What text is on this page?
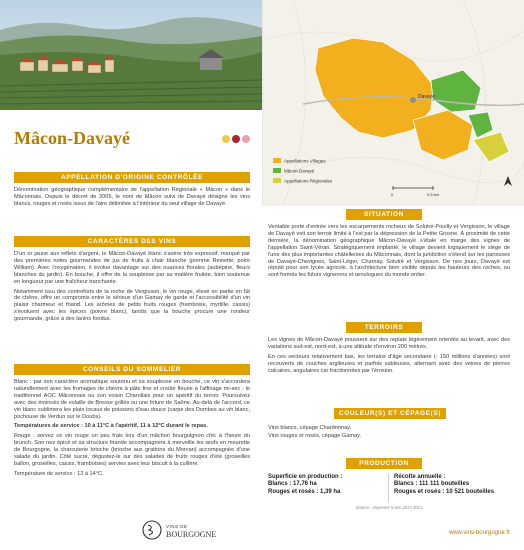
Davayé
Appellations Villages
Mâcon-Davayé
Appellations Régionales
0	0,5 km
Mâcon-Davayé
APPELLATION D'ORIGINE CONTRÔLÉE

Dénomination géographique complémentaire de l'appellation Régionale « Mâcon » dans le Mâconnais. Depuis le décret de 2005, le nom de Mâcon suivi de Davayé désigne les vins blancs, rouges et rosés issus de l'aire délimitée à l'intérieur du seul village de Davayé.

CARACTÈRES DES VINS

D'un or jaune aux reflets d'argent, le Mâcon-Davayé blanc s'avère très expressif, marqué par des premières notes gourmandes de jus de fruits à chair blanche (pomme Reinette, poire William). Avec l'oxygénation, il évolue davantage sur des nuances florales (aubépine, fleurs blanches du jardin). En bouche, il offre de la souplesse par sa matière fruitée, bien soutenue en longueur par une fraîcheur tranchante.

Notamment issu des contreforts de la roche de Vergisson, le vin rouge, élevé en partie en fût de chêne, offre un compromis entre le sérieux d'un Gamay de garde et l'accessibilité d'un vin plaisir charmeur et friand. Les arômes de petits fruits rouges (framboise, myrtille, cassis) s'évoluent avec les épices (poivre blanc), tandis que la bouche procure une rondeur gourmande, grâce à des tanins fondus.

CONSEILS DU SOMMELIER

Blanc : par son caractère aromatique soutenu et sa souplesse en bouche, ce vin s'accordera naturellement avec les fromages de chèvre à pâte fine et croûte fleurie à l'affinage mi-sec : le traditionnel AOC Mâconnais ou son voisin Charollais pour un apéritif du terroir. Poursuivez avec des émincés de volaille de Bresse grillés ou une friture de Saône. Au-delà de l'accord, ce vin blanc sublimera les plats locaux de poissons d'eau douce (carpe des Dombes au vin blanc, pochouse de Verdun sur le Doubs).

Températures de service : 10 à 11°C à l'apéritif, 11 à 12°C durant le repas.

Rouge : servez ce vin rouge un peu frais lors d'un mâchon bourguignon chic à l'heure du brunch. Son nez épicé et sa structure friande accompagnera à merveille les œufs en meurette de Bourgogne, la charcuterie brioche (brioche aux grattons du Morvan) accompagnée d'une salade du jardin. Côté sucré, dégustez-le sur des salades de fruits rouges d'été (groseilles ballon, groseilles, cassis, framboises) servies avec leur biscuit à la cuillère.

Température de service : 12 à 14°C.

SITUATION

Veritable porte d'entrée vers les escarpements rocheux de Solutré-Pouilly et Vergisson, le village de Davayé voit son terroir limité à l'est par la dépression de la Petite Grosne. À proximité de cette dernière, la dénomination géographique Mâcon-Davayé s'étale en marge des vignes de l'appellation Saint-Véran. Stratégiquement implanté, le village devient logiquement le siège de l'une des plus importantes châtellenies du Mâconnais, dont la juridiction s'étend sur les paroisses de Davayé-Chevignes, Saint-Léger, Charnay, Solutré et Vergisson. De nos jours, Davayé est réputé pour son lycée agricole, à l'architecture bien visible depuis les hauteurs des roches, ou sont formés les futurs vignerons et œnologues du monde entier.

TERROIRS

Les vignes de Mâcon-Davayé poussent sur des replats légèrement orientés au levant, avec des variations sud-est, nord-est, à une altitude d'environ 200 mètres.

En ces secteurs relativement bas, les terrains d'âge secondaire (- 150 millions d'années) sont recouverts de couches argileuses et parfois sableuses, alternant avec des veines de pierres calcaires, angulaires car fractionnées par l'érosion.

COULEUR(S) ET CÉPAGE(S)
Vins blancs, cépage Chardonnay.
Vins rouges et rosés, cépage Gamay.
PRODUCTION
Superficie en production :
Blancs : 17,76 ha
Rouges et rosés : 1,39 ha
Récolte annuelle :
Blancs : 111 111 bouteilles
Rouges et rosés : 10 521 bouteilles
Source : moyenne 5 ans 2017-2021
VINS DE
BOURGOGNE	www.vins-bourgogne.fr
